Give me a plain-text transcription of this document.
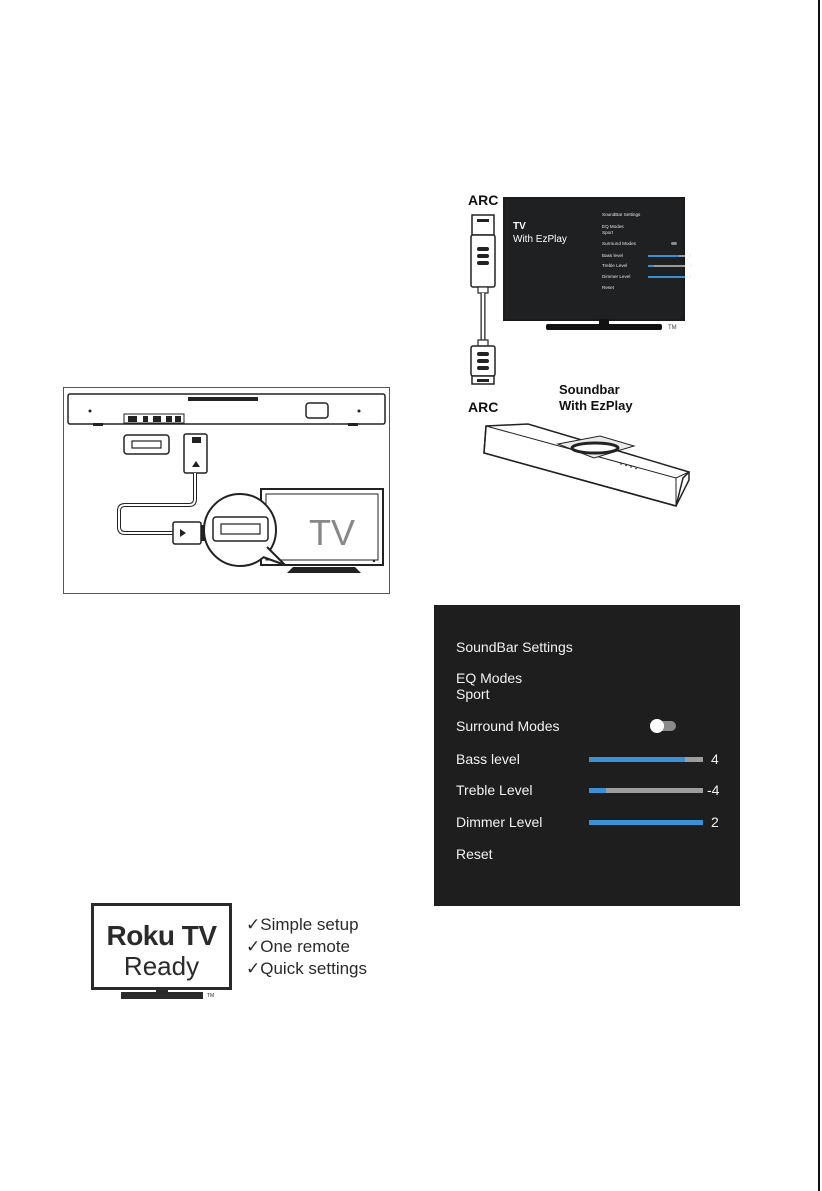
TV
ARC
ARC
TM
TV
With EzPlay
SoundBar Settings
EQ Modes
Sport
Surround Modes
Bass level	4
Treble Level	-4
Dimmer Level	2
Reset
Soundbar
With EzPlay
SoundBar Settings
EQ Modes
Sport
Surround Modes
Bass level	4
Treble Level	-4
Dimmer Level	2
Reset
Roku TV
Ready
TM
✓Simple setup
✓One remote
✓Quick settings
